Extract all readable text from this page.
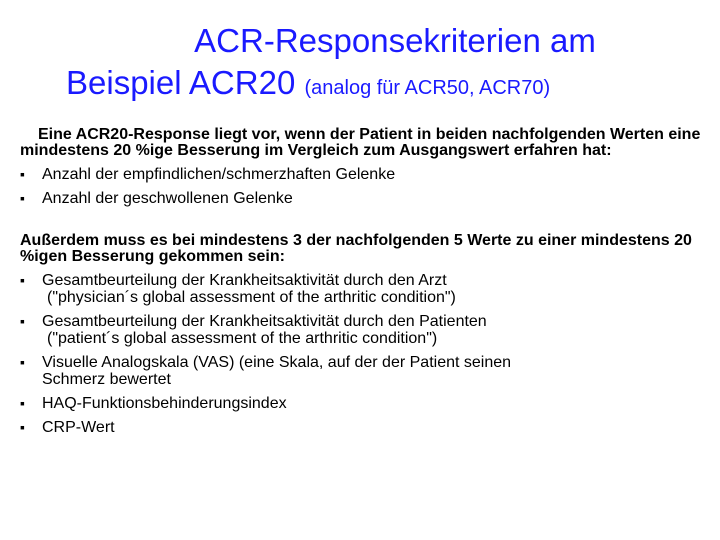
ACR-Responsekriterien am
Beispiel ACR20 (analog für ACR50, ACR70)

Eine ACR20-Response liegt vor, wenn der Patient in beiden nachfolgenden Werten eine mindestens 20 %ige Besserung im Vergleich zum Ausgangswert erfahren hat:

▪ Anzahl der empfindlichen/schmerzhaften Gelenke
▪ Anzahl der geschwollenen Gelenke

Außerdem muss es bei mindestens 3 der nachfolgenden 5 Werte zu einer mindestens 20 %igen Besserung gekommen sein:

▪ Gesamtbeurteilung der Krankheitsaktivität durch den Arzt
("physician´s global assessment of the arthritic condition")
▪ Gesamtbeurteilung der Krankheitsaktivität durch den Patienten
("patient´s global assessment of the arthritic condition")
▪ Visuelle Analogskala (VAS) (eine Skala, auf der der Patient seinen
Schmerz bewertet
▪ HAQ-Funktionsbehinderungsindex
▪ CRP-Wert
